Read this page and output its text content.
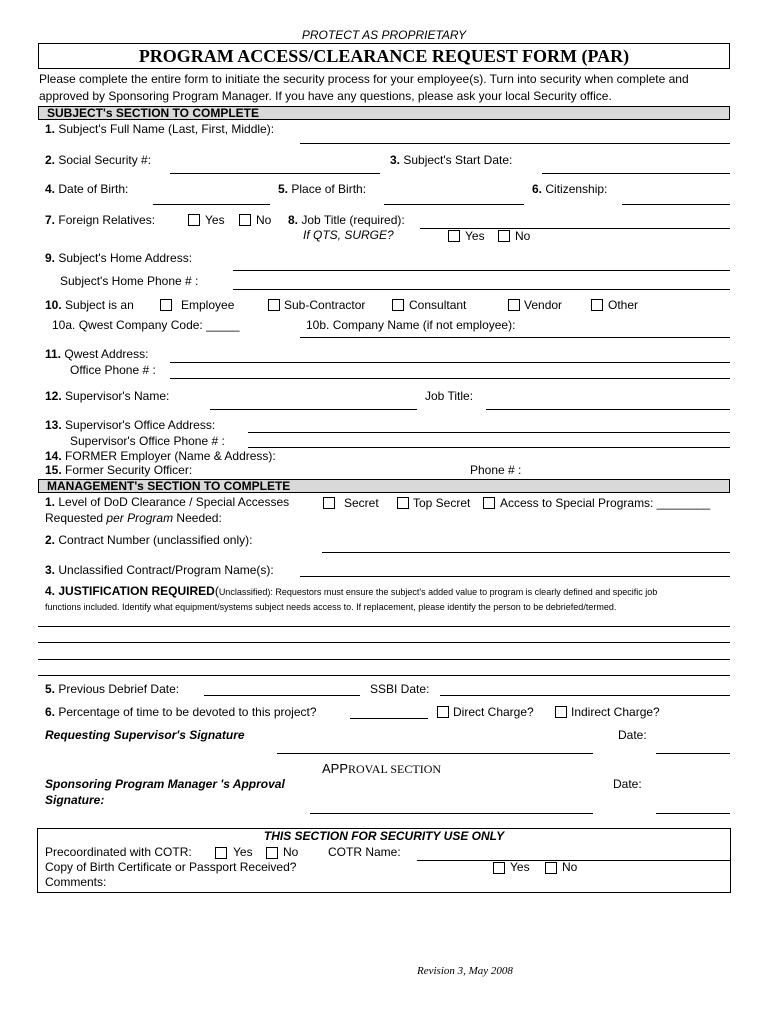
PROTECT AS PROPRIETARY
PROGRAM ACCESS/CLEARANCE REQUEST FORM (PAR)
Please complete the entire form to initiate the security process for your employee(s). Turn into security when complete and
approved by Sponsoring Program Manager. If you have any questions, please ask your local Security office.
SUBJECT's SECTION TO COMPLETE
1. Subject's Full Name (Last, First, Middle):
2. Social Security #:	3. Subject's Start Date:
4. Date of Birth:	5. Place of Birth:	6. Citizenship:
7. Foreign Relatives:	Yes	No 8. Job Title (required):
If QTS, SURGE?	Yes	No
9. Subject's Home Address:
Subject's Home Phone # :
10. Subject is an	Employee	Sub-Contractor	Consultant	Vendor	Other
10a. Qwest Company Code: _____	10b. Company Name (if not employee):
11. Qwest Address:
Office Phone # :
12. Supervisor's Name:	Job Title:
13. Supervisor's Office Address:
Supervisor's Office Phone # :
14. FORMER Employer (Name & Address):
15. Former Security Officer:	Phone # :
MANAGEMENT's SECTION TO COMPLETE
1. Level of DoD Clearance / Special Accesses
Requested per Program Needed:
Secret	Top Secret Access to Special Programs: ________
2. Contract Number (unclassified only):
3. Unclassified Contract/Program Name(s):
4. JUSTIFICATION REQUIRED(Unclassified): Requestors must ensure the subject's added value to program is clearly defined and specific job
functions included. Identify what equipment/systems subject needs access to. If replacement, please identify the person to be debriefed/termed.
5. Previous Debrief Date:	SSBI Date:
6. Percentage of time to be devoted to this project?	Direct Charge?	Indirect Charge?
Requesting Supervisor's Signature	Date:
APPROVAL SECTION
Sponsoring Program Manager 's Approval
Signature:
Date:
THIS SECTION FOR SECURITY USE ONLY
Precoordinated with COTR:	Yes	No COTR Name:
Copy of Birth Certificate or Passport Received?	Yes	No
Comments:
Revision 3, May 2008
